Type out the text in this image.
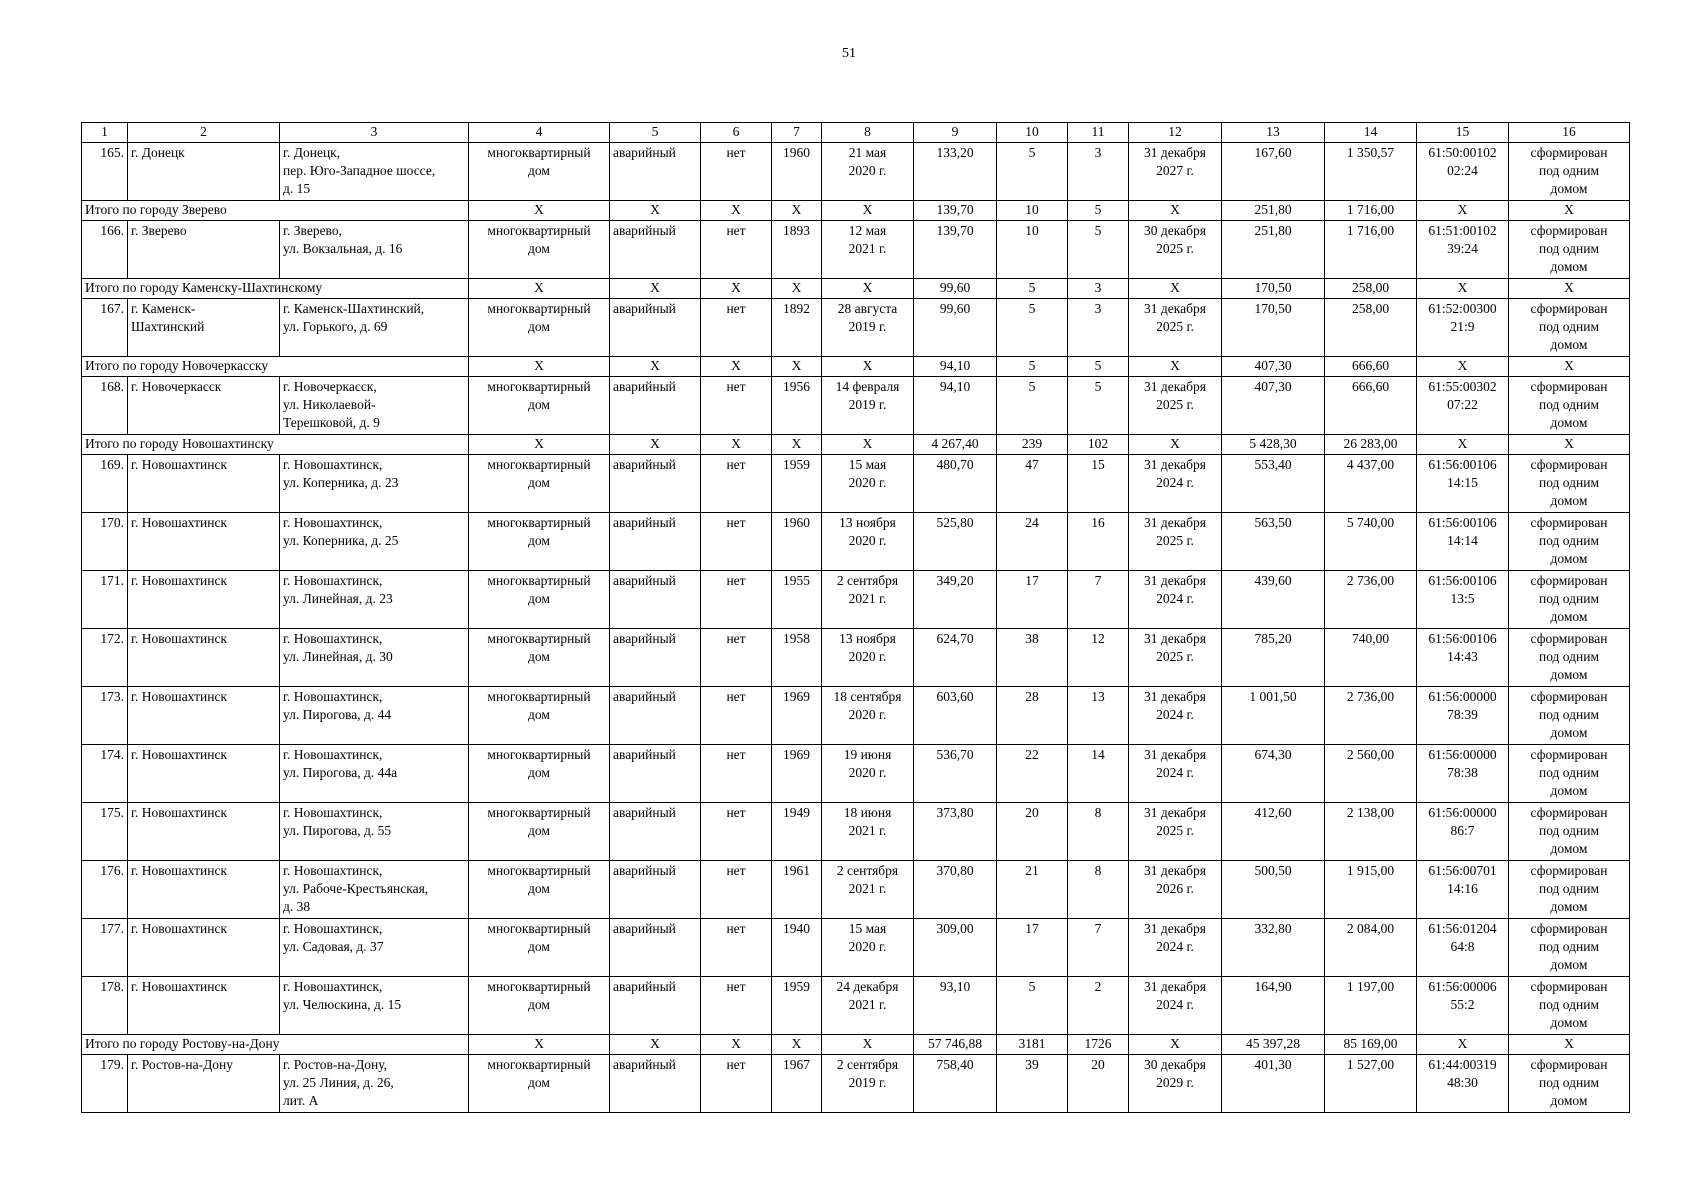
51
1	2	3	4	5	6	7	8	9	10	11	12	13	14	15	16
165.	г. Донецк	г. Донецк,
пер. Юго-Западное шоссе,
д. 15	многоквартирный
дом	аварийный	нет	1960	21 мая
2020 г.	133,20	5	3	31 декабря
2027 г.	167,60	1 350,57	61:50:00102
02:24	сформирован
под одним
домом
Итого по городу Зверево			X	X	X	X	X	139,70	10	5	X	251,80	1 716,00	X	X
166.	г. Зверево	г. Зверево,
ул. Вокзальная, д. 16	многоквартирный
дом	аварийный	нет	1893	12 мая
2021 г.	139,70	10	5	30 декабря
2025 г.	251,80	1 716,00	61:51:00102
39:24	сформирован
под одним
домом
Итого по городу Каменску-Шахтинскому			X	X	X	X	X	99,60	5	3	X	170,50	258,00	X	X
167.	г. Каменск-
Шахтинский	г. Каменск-Шахтинский,
ул. Горького, д. 69	многоквартирный
дом	аварийный	нет	1892	28 августа
2019 г.	99,60	5	3	31 декабря
2025 г.	170,50	258,00	61:52:00300
21:9	сформирован
под одним
домом
Итого по городу Новочеркасску			X	X	X	X	X	94,10	5	5	X	407,30	666,60	X	X
168.	г. Новочеркасск	г. Новочеркасск,
ул. Николаевой-
Терешковой, д. 9	многоквартирный
дом	аварийный	нет	1956	14 февраля
2019 г.	94,10	5	5	31 декабря
2025 г.	407,30	666,60	61:55:00302
07:22	сформирован
под одним
домом
Итого по городу Новошахтинску			X	X	X	X	X	4 267,40	239	102	X	5 428,30	26 283,00	X	X
169.	г. Новошахтинск	г. Новошахтинск,
ул. Коперника, д. 23	многоквартирный
дом	аварийный	нет	1959	15 мая
2020 г.	480,70	47	15	31 декабря
2024 г.	553,40	4 437,00	61:56:00106
14:15	сформирован
под одним
домом
170.	г. Новошахтинск	г. Новошахтинск,
ул. Коперника, д. 25	многоквартирный
дом	аварийный	нет	1960	13 ноября
2020 г.	525,80	24	16	31 декабря
2025 г.	563,50	5 740,00	61:56:00106
14:14	сформирован
под одним
домом
171.	г. Новошахтинск	г. Новошахтинск,
ул. Линейная, д. 23	многоквартирный
дом	аварийный	нет	1955	2 сентября
2021 г.	349,20	17	7	31 декабря
2024 г.	439,60	2 736,00	61:56:00106
13:5	сформирован
под одним
домом
172.	г. Новошахтинск	г. Новошахтинск,
ул. Линейная, д. 30	многоквартирный
дом	аварийный	нет	1958	13 ноября
2020 г.	624,70	38	12	31 декабря
2025 г.	785,20	740,00	61:56:00106
14:43	сформирован
под одним
домом
173.	г. Новошахтинск	г. Новошахтинск,
ул. Пирогова, д. 44	многоквартирный
дом	аварийный	нет	1969	18 сентября
2020 г.	603,60	28	13	31 декабря
2024 г.	1 001,50	2 736,00	61:56:00000
78:39	сформирован
под одним
домом
174.	г. Новошахтинск	г. Новошахтинск,
ул. Пирогова, д. 44а	многоквартирный
дом	аварийный	нет	1969	19 июня
2020 г.	536,70	22	14	31 декабря
2024 г.	674,30	2 560,00	61:56:00000
78:38	сформирован
под одним
домом
175.	г. Новошахтинск	г. Новошахтинск,
ул. Пирогова, д. 55	многоквартирный
дом	аварийный	нет	1949	18 июня
2021 г.	373,80	20	8	31 декабря
2025 г.	412,60	2 138,00	61:56:00000
86:7	сформирован
под одним
домом
176.	г. Новошахтинск	г. Новошахтинск,
ул. Рабоче-Крестьянская,
д. 38	многоквартирный
дом	аварийный	нет	1961	2 сентября
2021 г.	370,80	21	8	31 декабря
2026 г.	500,50	1 915,00	61:56:00701
14:16	сформирован
под одним
домом
177.	г. Новошахтинск	г. Новошахтинск,
ул. Садовая, д. 37	многоквартирный
дом	аварийный	нет	1940	15 мая
2020 г.	309,00	17	7	31 декабря
2024 г.	332,80	2 084,00	61:56:01204
64:8	сформирован
под одним
домом
178.	г. Новошахтинск	г. Новошахтинск,
ул. Челюскина, д. 15	многоквартирный
дом	аварийный	нет	1959	24 декабря
2021 г.	93,10	5	2	31 декабря
2024 г.	164,90	1 197,00	61:56:00006
55:2	сформирован
под одним
домом
Итого по городу Ростову-на-Дону			X	X	X	X	X	57 746,88	3181	1726	X	45 397,28	85 169,00	X	X
179.	г. Ростов-на-Дону	г. Ростов-на-Дону,
ул. 25 Линия, д. 26,
лит. А	многоквартирный
дом	аварийный	нет	1967	2 сентября
2019 г.	758,40	39	20	30 декабря
2029 г.	401,30	1 527,00	61:44:00319
48:30	сформирован
под одним
домом
